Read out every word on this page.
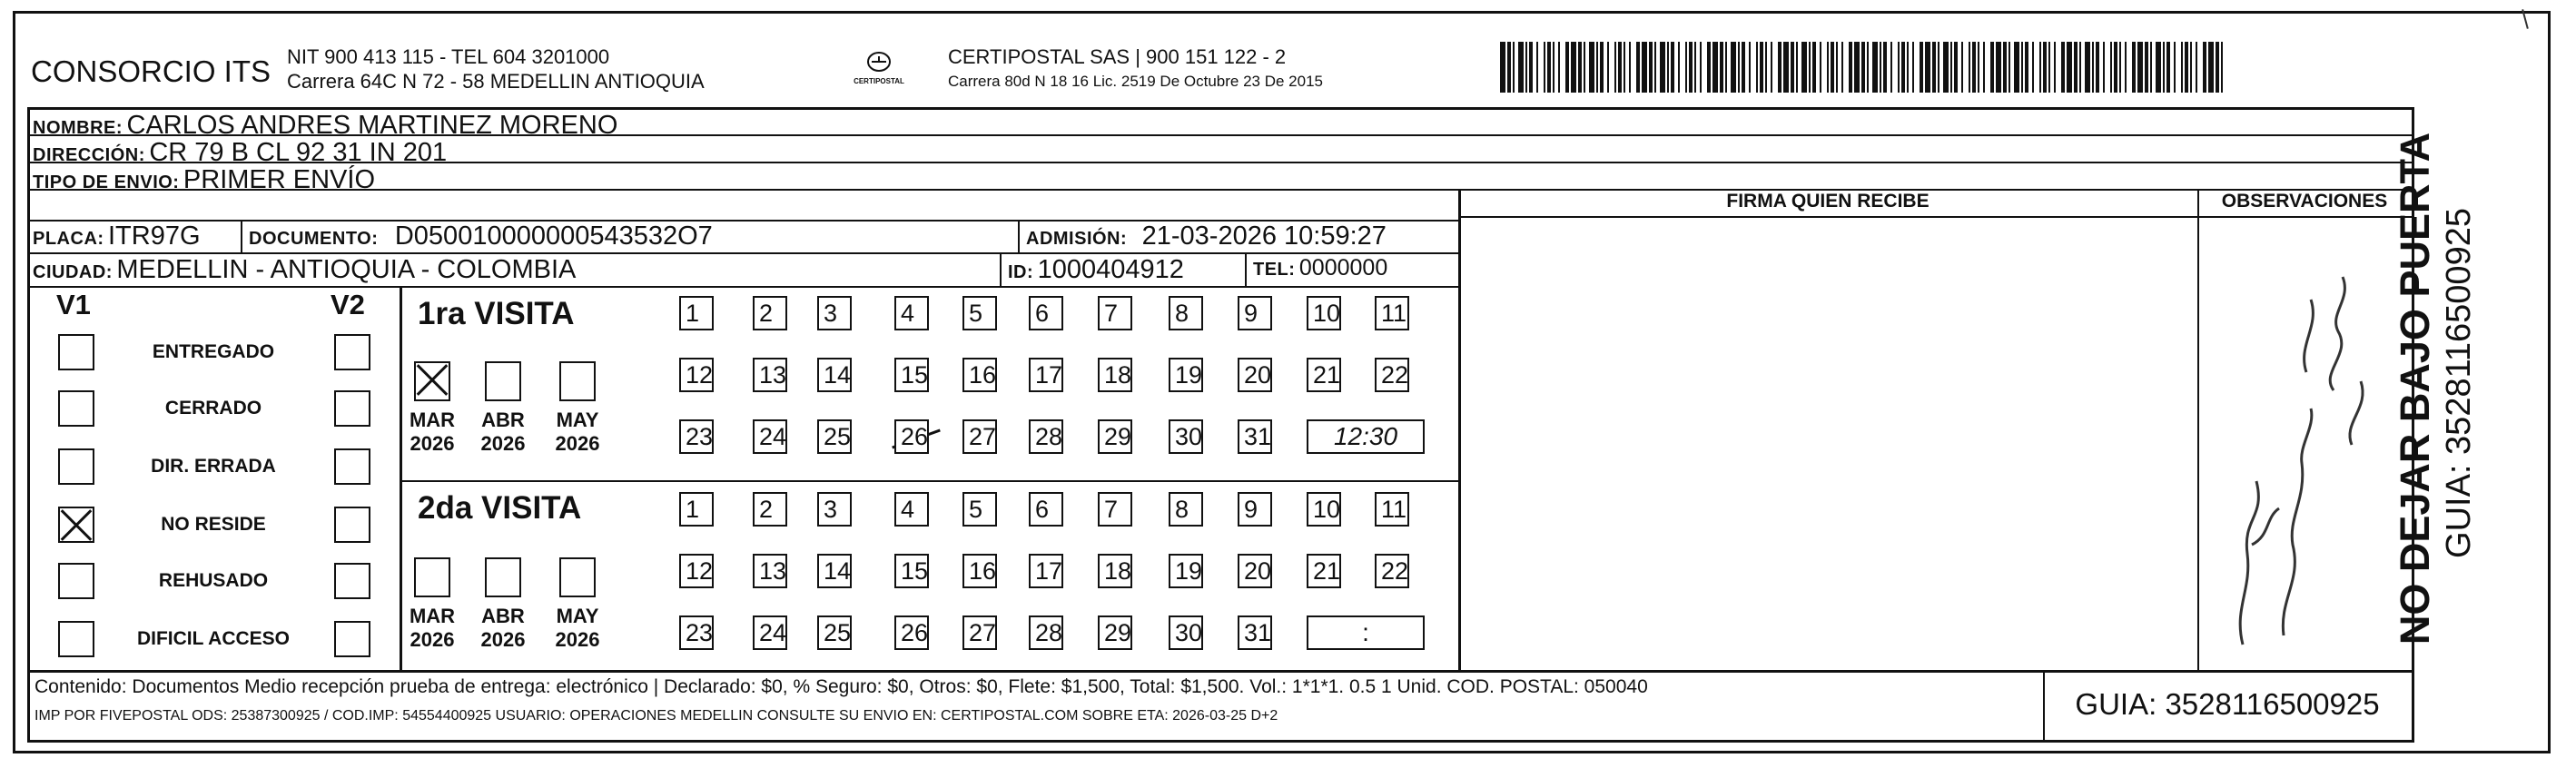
CONSORCIO ITS NIT 900 413 115 - TEL 604 3201000
Carrera 64C N 72 - 58 MEDELLIN ANTIOQUIA	CERTIPOSTAL
CERTIPOSTAL SAS | 900 151 122 - 2
Carrera 80d N 18 16 Lic. 2519 De Octubre 23 De 2015
NOMBRE: CARLOS ANDRES MARTINEZ MORENO
DIRECCIÓN: CR 79 B CL 92 31 IN 201
TIPO DE ENVIO: PRIMER ENVÍO
PLACA: ITR97G	DOCUMENTO: D050010000000543532O7	ADMISIÓN: 21-03-2026 10:59:27
CIUDAD: MEDELLIN - ANTIOQUIA - COLOMBIA	ID: 1000404912	TEL: 0000000
FIRMA QUIEN RECIBE	OBSERVACIONES
V1	V2
ENTREGADO
CERRADO
DIR. ERRADA
NO RESIDE
REHUSADO
DIFICIL ACCESO
1ra VISITA
2da VISITA
MAR
2026
ABR
2026
MAY
2026
1	2	3	4	5	6	7	8	9	10 11
12 13 14 15 16 17 18 19 20 21 22
23 24 25 26 27 28 29 30 31	12:30
MAR
2026
ABR
2026
MAY
2026
1	2	3	4	5	6	7	8	9	10 11
12 13 14 15 16 17 18 19 20 21 22
23 24 25 26 27 28 29 30 31	:
Contenido: Documentos Medio recepción prueba de entrega: electrónico | Declarado: $0, % Seguro: $0, Otros: $0, Flete: $1,500, Total: $1,500. Vol.: 1*1*1. 0.5 1 Unid. COD. POSTAL: 050040
IMP POR FIVEPOSTAL ODS: 25387300925 / COD.IMP: 54554400925 USUARIO: OPERACIONES MEDELLIN CONSULTE SU ENVIO EN: CERTIPOSTAL.COM SOBRE ETA: 2026-03-25 D+2	GUIA: 3528116500925
NO DEJAR BAJO PUERTA GUIA: 3528116500925
